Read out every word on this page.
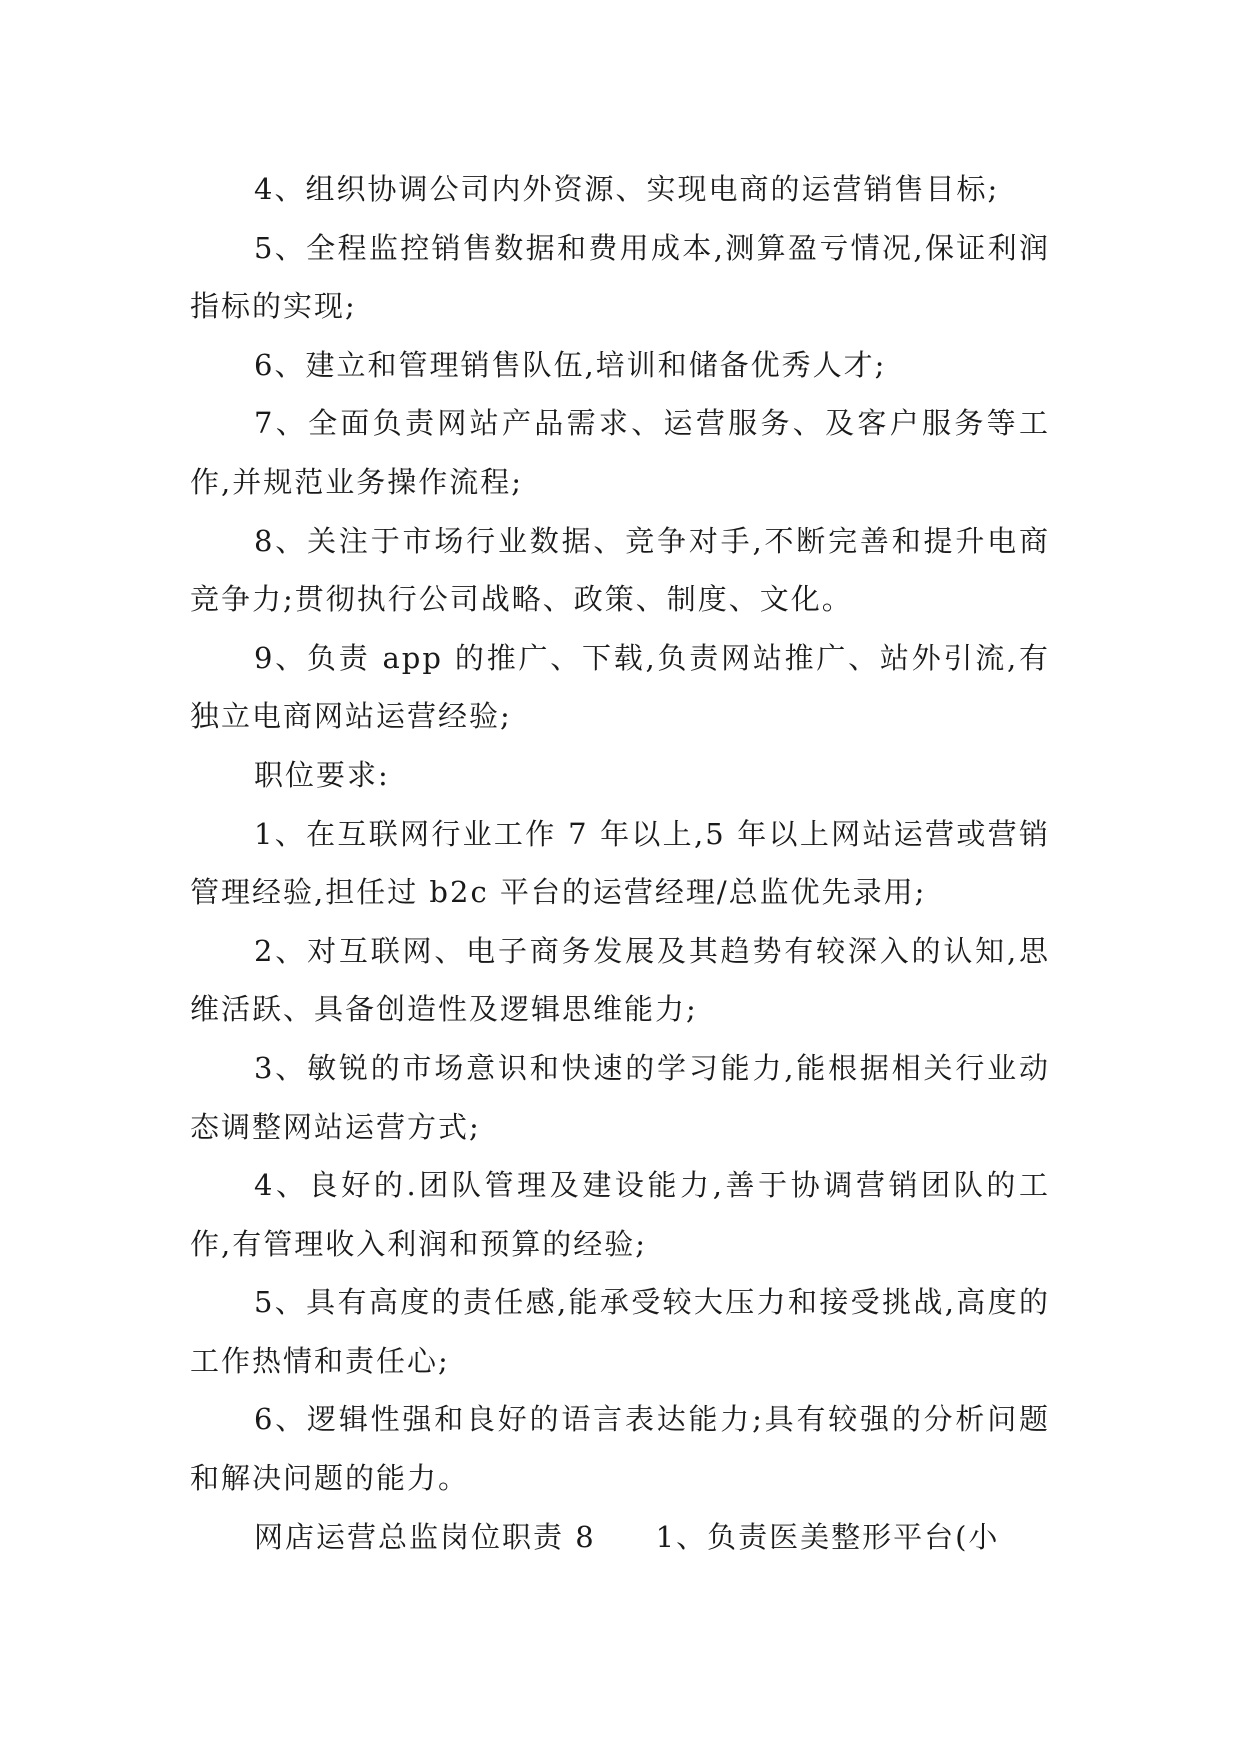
4、组织协调公司内外资源、实现电商的运营销售目标;

5、全程监控销售数据和费用成本,测算盈亏情况,保证利润指标的实现;

6、建立和管理销售队伍,培训和储备优秀人才;

7、全面负责网站产品需求、运营服务、及客户服务等工作,并规范业务操作流程;

8、关注于市场行业数据、竞争对手,不断完善和提升电商竞争力;贯彻执行公司战略、政策、制度、文化。

9、负责 app 的推广、下载,负责网站推广、站外引流,有独立电商网站运营经验;

职位要求:

1、在互联网行业工作 7 年以上,5 年以上网站运营或营销管理经验,担任过 b2c 平台的运营经理/总监优先录用;

2、对互联网、电子商务发展及其趋势有较深入的认知,思维活跃、具备创造性及逻辑思维能力;

3、敏锐的市场意识和快速的学习能力,能根据相关行业动态调整网站运营方式;

4、良好的.团队管理及建设能力,善于协调营销团队的工作,有管理收入利润和预算的经验;

5、具有高度的责任感,能承受较大压力和接受挑战,高度的工作热情和责任心;

6、逻辑性强和良好的语言表达能力;具有较强的分析问题和解决问题的能力。

网店运营总监岗位职责 8 1、负责医美整形平台(小
